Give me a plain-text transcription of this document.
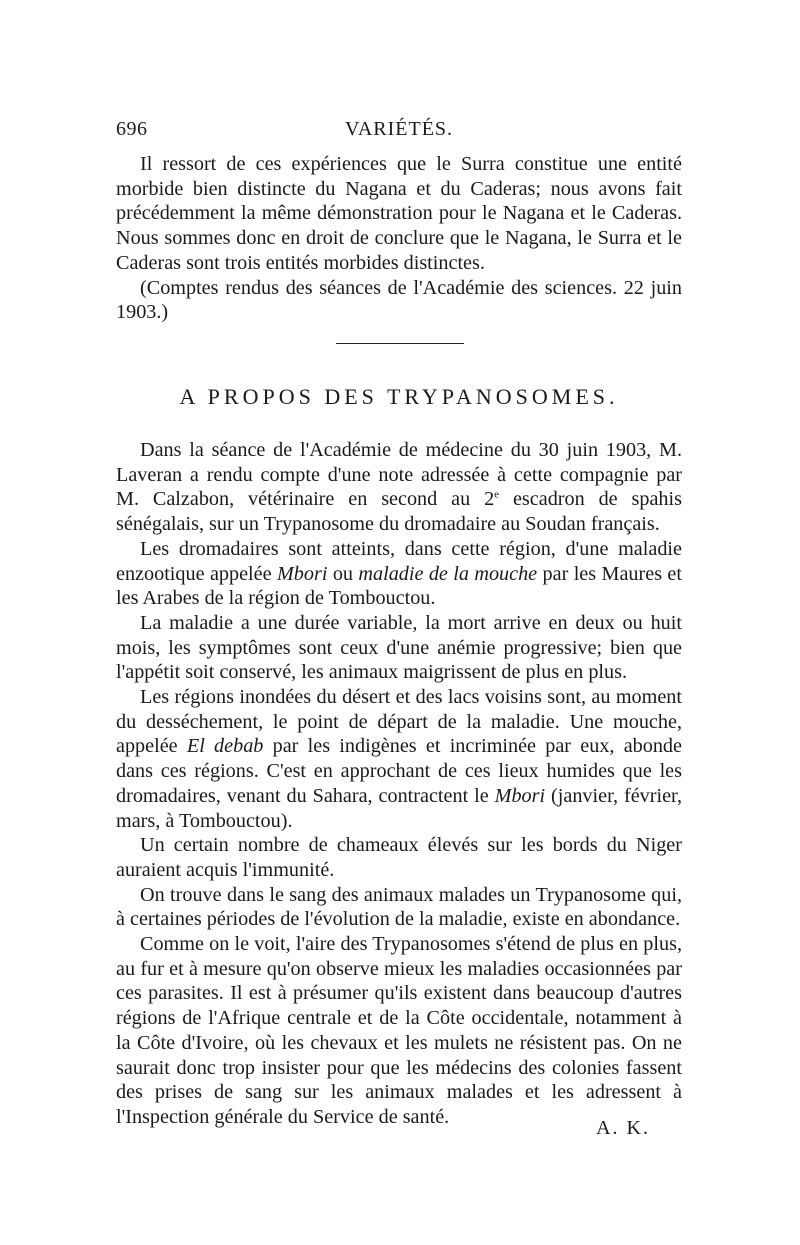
696	VARIÉTÉS.

Il ressort de ces expériences que le Surra constitue une entité morbide bien distincte du Nagana et du Caderas; nous avons fait précédemment la même démonstration pour le Nagana et le Caderas. Nous sommes donc en droit de conclure que le Nagana, le Surra et le Caderas sont trois entités morbides distinctes.

(Comptes rendus des séances de l'Académie des sciences. 22 juin 1903.)

A PROPOS DES TRYPANOSOMES.

Dans la séance de l'Académie de médecine du 30 juin 1903, M. Laveran a rendu compte d'une note adressée à cette compagnie par M. Calzabon, vétérinaire en second au 2e escadron de spahis sénégalais, sur un Trypanosome du dromadaire au Soudan français.

Les dromadaires sont atteints, dans cette région, d'une maladie enzootique appelée Mbori ou maladie de la mouche par les Maures et les Arabes de la région de Tombouctou.

La maladie a une durée variable, la mort arrive en deux ou huit mois, les symptômes sont ceux d'une anémie progressive; bien que l'appétit soit conservé, les animaux maigrissent de plus en plus.

Les régions inondées du désert et des lacs voisins sont, au moment du desséchement, le point de départ de la maladie. Une mouche, appelée El debab par les indigènes et incriminée par eux, abonde dans ces régions. C'est en approchant de ces lieux humides que les dromadaires, venant du Sahara, contractent le Mbori (janvier, février, mars, à Tombouctou).

Un certain nombre de chameaux élevés sur les bords du Niger auraient acquis l'immunité.

On trouve dans le sang des animaux malades un Trypanosome qui, à certaines périodes de l'évolution de la maladie, existe en abondance.

Comme on le voit, l'aire des Trypanosomes s'étend de plus en plus, au fur et à mesure qu'on observe mieux les maladies occasionnées par ces parasites. Il est à présumer qu'ils existent dans beaucoup d'autres régions de l'Afrique centrale et de la Côte occidentale, notamment à la Côte d'Ivoire, où les chevaux et les mulets ne résistent pas. On ne saurait donc trop insister pour que les médecins des colonies fassent des prises de sang sur les animaux malades et les adressent à l'Inspection générale du Service de santé.

A. K.
